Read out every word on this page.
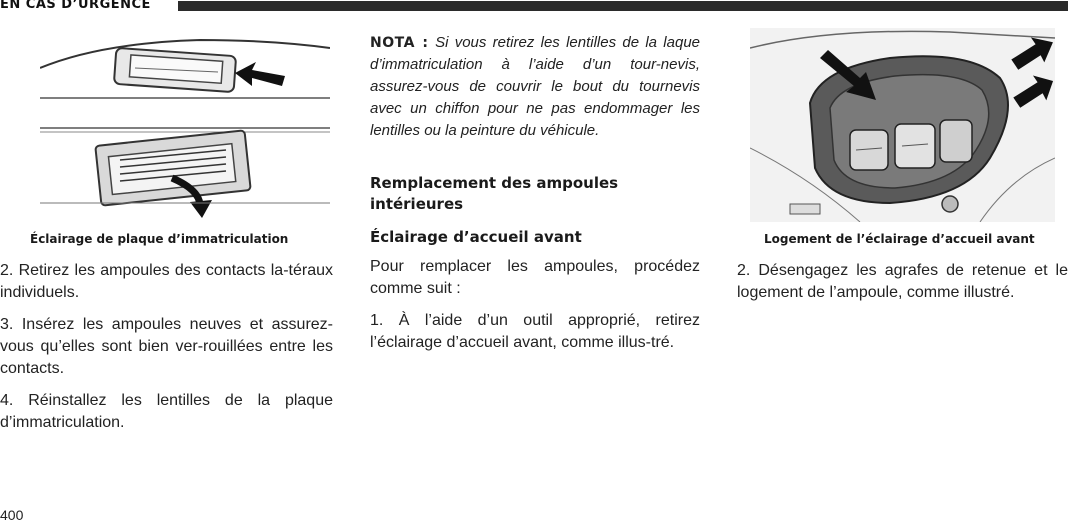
EN CAS D’URGENCE
Éclairage de plaque d’immatriculation

2. Retirez les ampoules des contacts la-téraux individuels.

3. Insérez les ampoules neuves et assurez-vous qu’elles sont bien ver-rouillées entre les contacts.

4. Réinstallez les lentilles de la plaque d’immatriculation.

NOTA : Si vous retirez les lentilles de la laque d’immatriculation à l’aide d’un tour-nevis, assurez-vous de couvrir le bout du tournevis avec un chiffon pour ne pas endommager les lentilles ou la peinture du véhicule.

Remplacement des ampoules intérieures
Éclairage d’accueil avant

Pour remplacer les ampoules, procédez comme suit :

1. À l’aide d’un outil approprié, retirez l’éclairage d’accueil avant, comme illus-tré.

Logement de l’éclairage d’accueil avant

2. Désengagez les agrafes de retenue et le logement de l’ampoule, comme illustré.

400
